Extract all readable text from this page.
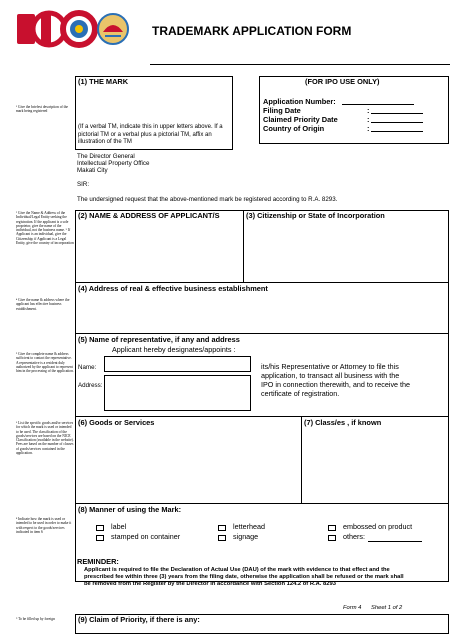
TRADEMARK APPLICATION FORM
¹ Give the briefest description of the mark being registered
(1) THE MARK
(If a verbal TM, indicate this in upper letters above. If a pictorial TM or a verbal plus a pictorial TM, affix an illustration of the TM
(FOR IPO USE ONLY)
Application Number:
Filing Date	:
Claimed Priority Date	:
Country of Origin	:
The Director General
Intellectual Property Office
Makati City
SIR:
The undersigned request that the above-mentioned mark be registered according to R.A. 8293.
² Give the Name & Address of the Individual/Legal Entity seeking the registration. If the applicant is a sole proprietor, give the name of the individual, not the business name. ³ If Applicant is an individual, give the Citizenship; if Applicant is a Legal Entity, give the country of incorporation
⁴ Give the name & address where the applicant has effective business establishment.
⁵ Give the complete name & address sufficient to contact the representative. A representative is a resident duly authorized by the applicant to represent him in the processing of the application.
⁶ List the specific goods and/or services for which the mark is used or intended to be used. The classification of the goods/services are based on the NICE Classification (available in the website). Fees are based on the number of classes of goods/services contained in the application.
⁸ Indicate how the mark is used or intended to be used in order to make it with respect to the goods/services indicated in item 6
⁹ To be filled up by foreign
(2) NAME & ADDRESS OF APPLICANT/S	(3) Citizenship or State of Incorporation
(4) Address of real & effective business establishment
(5) Name of representative, if any and address
Applicant hereby designates/appoints :
Name:
Address:
its/his Representative or Attorney to file this application, to transact all business with the IPO in connection therewith, and to receive the certificate of registration.
(6) Goods or Services	(7) Class/es , if known
(8) Manner of using the Mark:
label
stamped on container
letterhead
signage
embossed on product
others:
REMINDER:
Applicant is required to file the Declaration of Actual Use (DAU) of the mark with evidence to that effect and the prescribed fee within three (3) years from the filing date, otherwise the application shall be refused or the mark shall be removed from the Register by the Director in accordance with Section 124.2 of R.A. 8293
Form 4 Sheet 1 of 2
(9) Claim of Priority, if there is any:
